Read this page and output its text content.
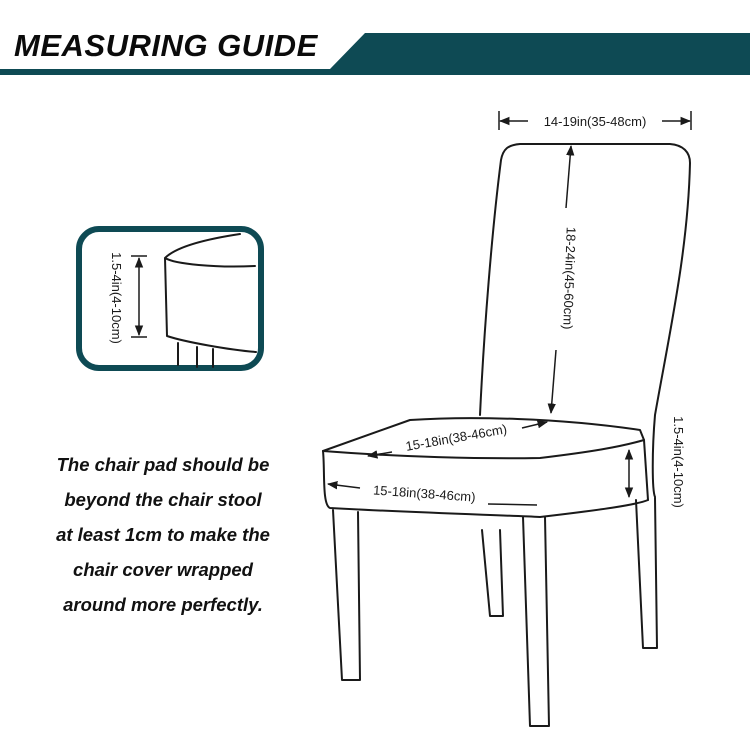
MEASURING GUIDE
14-19in(35-48cm)
18-24in(45-60cm)
15-18in(38-46cm)
15-18in(38-46cm)	1.5-4in(4-10cm)
1.5-4in(4-10cm)
The chair pad should be
beyond the chair stool
at least 1cm to make the
chair cover wrapped
around more perfectly.
